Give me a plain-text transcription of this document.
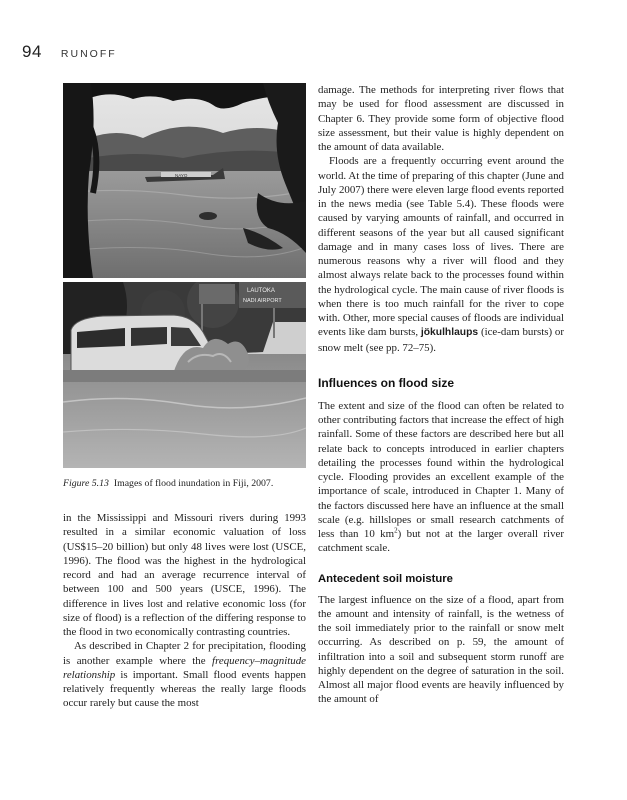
94 RUNOFF
NAYO
LAUTOKA
NADI AIRPORT
Figure 5.13 Images of flood inundation in Fiji, 2007.

in the Mississippi and Missouri rivers during 1993 resulted in a similar economic valuation of loss (US$15–20 billion) but only 48 lives were lost (USCE, 1996). The flood was the highest in the hydrological record and had an average recurrence interval of between 100 and 500 years (USCE, 1996). The difference in lives lost and relative economic loss (for size of flood) is a reflection of the differing response to the flood in two economically contrasting countries.

As described in Chapter 2 for precipitation, flooding is another example where the frequency–magnitude relationship is important. Small flood events happen relatively frequently whereas the really large floods occur rarely but cause the most

damage. The methods for interpreting river flows that may be used for flood assessment are discussed in Chapter 6. They provide some form of objective flood size assessment, but their value is highly dependent on the amount of data available.

Floods are a frequently occurring event around the world. At the time of preparing of this chapter (June and July 2007) there were eleven large flood events reported in the news media (see Table 5.4). These floods were caused by varying amounts of rainfall, and occurred in different seasons of the year but all caused significant damage and in many cases loss of lives. There are numerous reasons why a river will flood and they almost always relate back to the processes found within the hydrological cycle. The main cause of river floods is when there is too much rainfall for the river to cope with. Other, more special causes of floods are individual events like dam bursts, jökulhlaups (ice-dam bursts) or snow melt (see pp. 72–75).

Influences on flood size

The extent and size of the flood can often be related to other contributing factors that increase the effect of high rainfall. Some of these factors are described here but all relate back to concepts introduced in earlier chapters detailing the processes found within the hydrological cycle. Flooding provides an excellent example of the importance of scale, introduced in Chapter 1. Many of the factors discussed here have an influence at the small scale (e.g. hillslopes or small research catchments of less than 10 $km^2$) but not at the larger overall river catchment scale.

Antecedent soil moisture

The largest influence on the size of a flood, apart from the amount and intensity of rainfall, is the wetness of the soil immediately prior to the rainfall or snow melt occurring. As described on p. 59, the amount of infiltration into a soil and subsequent storm runoff are highly dependent on the degree of saturation in the soil. Almost all major flood events are heavily influenced by the amount of
